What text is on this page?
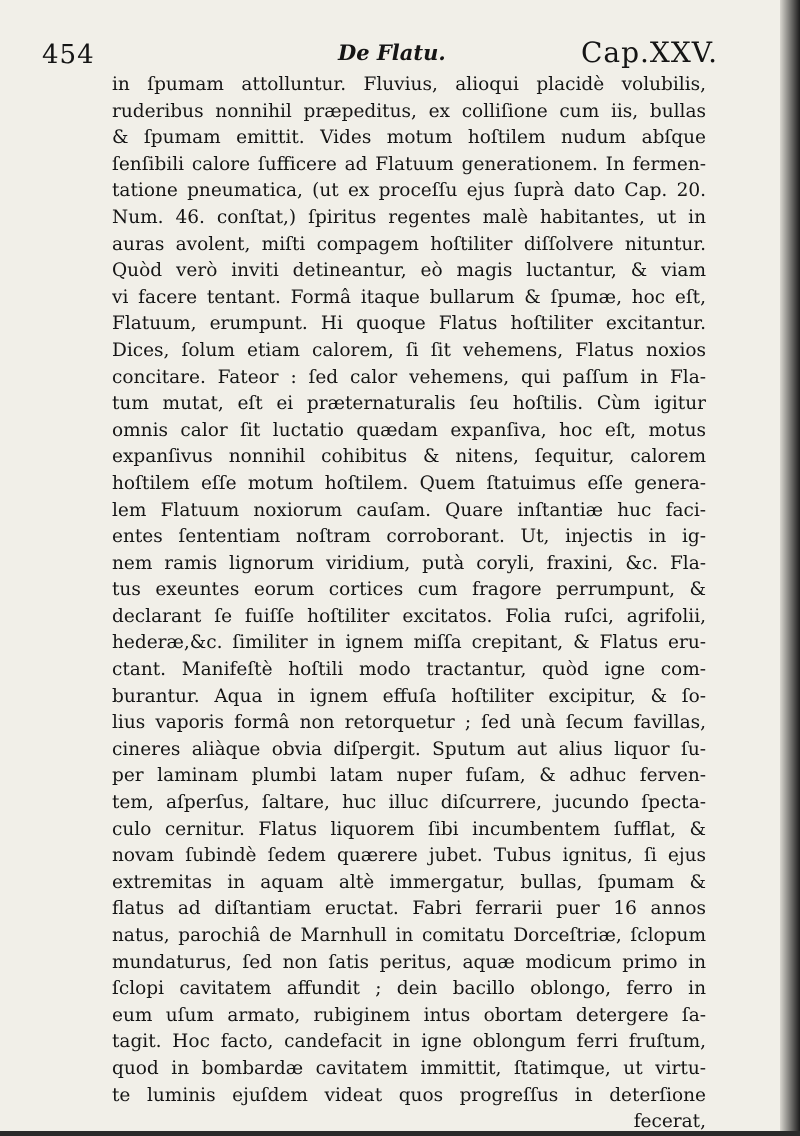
454	De Flatu.	Cap.XXV.
in ſpumam attolluntur. Fluvius, alioqui placidè volubilis,
ruderibus nonnihil præpeditus, ex colliſione cum iis, bullas
& ſpumam emittit. Vides motum hoſtilem nudum abſque
ſenſibili calore ſufficere ad Flatuum generationem. In fermen-
tatione pneumatica, (ut ex proceſſu ejus ſuprà dato Cap. 20.
Num. 46. conſtat,) ſpiritus regentes malè habitantes, ut in
auras avolent, miſti compagem hoſtiliter diſſolvere nituntur.
Quòd verò inviti detineantur, eò magis luctantur, & viam
vi facere tentant. Formâ itaque bullarum & ſpumæ, hoc eſt,
Flatuum, erumpunt. Hi quoque Flatus hoſtiliter excitantur.
Dices, ſolum etiam calorem, ſi ſit vehemens, Flatus noxios
concitare. Fateor : ſed calor vehemens, qui paſſum in Fla-
tum mutat, eſt ei præternaturalis ſeu hoſtilis. Cùm igitur
omnis calor ſit luctatio quædam expanſiva, hoc eſt, motus
expanſivus nonnihil cohibitus & nitens, ſequitur, calorem
hoſtilem eſſe motum hoſtilem. Quem ſtatuimus eſſe genera-
lem Flatuum noxiorum cauſam. Quare inſtantiæ huc faci-
entes ſententiam noſtram corroborant. Ut, injectis in ig-
nem ramis lignorum viridium, putà coryli, fraxini, &c. Fla-
tus exeuntes eorum cortices cum fragore perrumpunt, &
declarant ſe fuiſſe hoſtiliter excitatos. Folia ruſci, agrifolii,
hederæ,&c. ſimiliter in ignem miſſa crepitant, & Flatus eru-
ctant. Manifeſtè hoſtili modo tractantur, quòd igne com-
burantur. Aqua in ignem effuſa hoſtiliter excipitur, & ſo-
lius vaporis formâ non retorquetur ; ſed unà ſecum favillas,
cineres aliàque obvia diſpergit. Sputum aut alius liquor ſu-
per laminam plumbi latam nuper fuſam, & adhuc ferven-
tem, aſperſus, ſaltare, huc illuc diſcurrere, jucundo ſpecta-
culo cernitur. Flatus liquorem ſibi incumbentem ſufflat, &
novam ſubindè ſedem quærere jubet. Tubus ignitus, ſi ejus
extremitas in aquam altè immergatur, bullas, ſpumam &
flatus ad diſtantiam eructat. Fabri ferrarii puer 16 annos
natus, parochiâ de Marnhull in comitatu Dorceſtriæ, ſclopum
mundaturus, ſed non ſatis peritus, aquæ modicum primo in
ſclopi cavitatem affundit ; dein bacillo oblongo, ferro in
eum uſum armato, rubiginem intus obortam detergere ſa-
tagit. Hoc facto, candefacit in igne oblongum ferri fruſtum,
quod in bombardæ cavitatem immittit, ſtatimque, ut virtu-
te luminis ejuſdem videat quos progreſſus in deterſione
fecerat,
